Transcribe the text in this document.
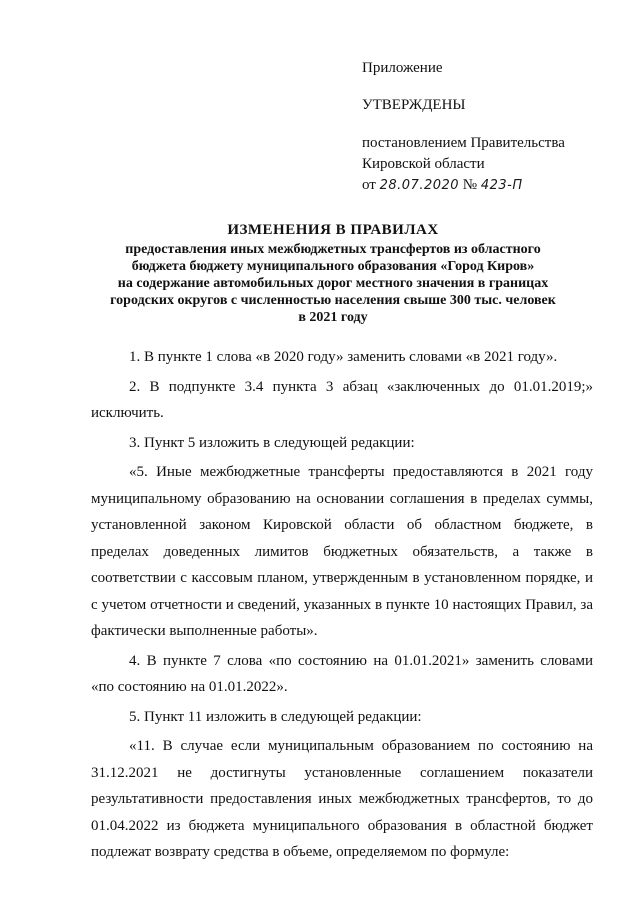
Приложение
УТВЕРЖДЕНЫ
постановлением Правительства
Кировской области
от 28.07.2020 № 423-П
ИЗМЕНЕНИЯ В ПРАВИЛАХ
предоставления иных межбюджетных трансфертов из областного
бюджета бюджету муниципального образования «Город Киров»
на содержание автомобильных дорог местного значения в границах
городских округов с численностью населения свыше 300 тыс. человек
в 2021 году

1. В пункте 1 слова «в 2020 году» заменить словами «в 2021 году».

2. В подпункте 3.4 пункта 3 абзац «заключенных до 01.01.2019;» исключить.

3. Пункт 5 изложить в следующей редакции:

«5. Иные межбюджетные трансферты предоставляются в 2021 году муниципальному образованию на основании соглашения в пределах суммы, установленной законом Кировской области об областном бюджете, в пределах доведенных лимитов бюджетных обязательств, а также в соответствии с кассовым планом, утвержденным в установленном порядке, и с учетом отчетности и сведений, указанных в пункте 10 настоящих Правил, за фактически выполненные работы».

4. В пункте 7 слова «по состоянию на 01.01.2021» заменить словами «по состоянию на 01.01.2022».

5. Пункт 11 изложить в следующей редакции:

«11. В случае если муниципальным образованием по состоянию на 31.12.2021 не достигнуты установленные соглашением показатели результативности предоставления иных межбюджетных трансфертов, то до 01.04.2022 из бюджета муниципального образования в областной бюджет подлежат возврату средства в объеме, определяемом по формуле:
